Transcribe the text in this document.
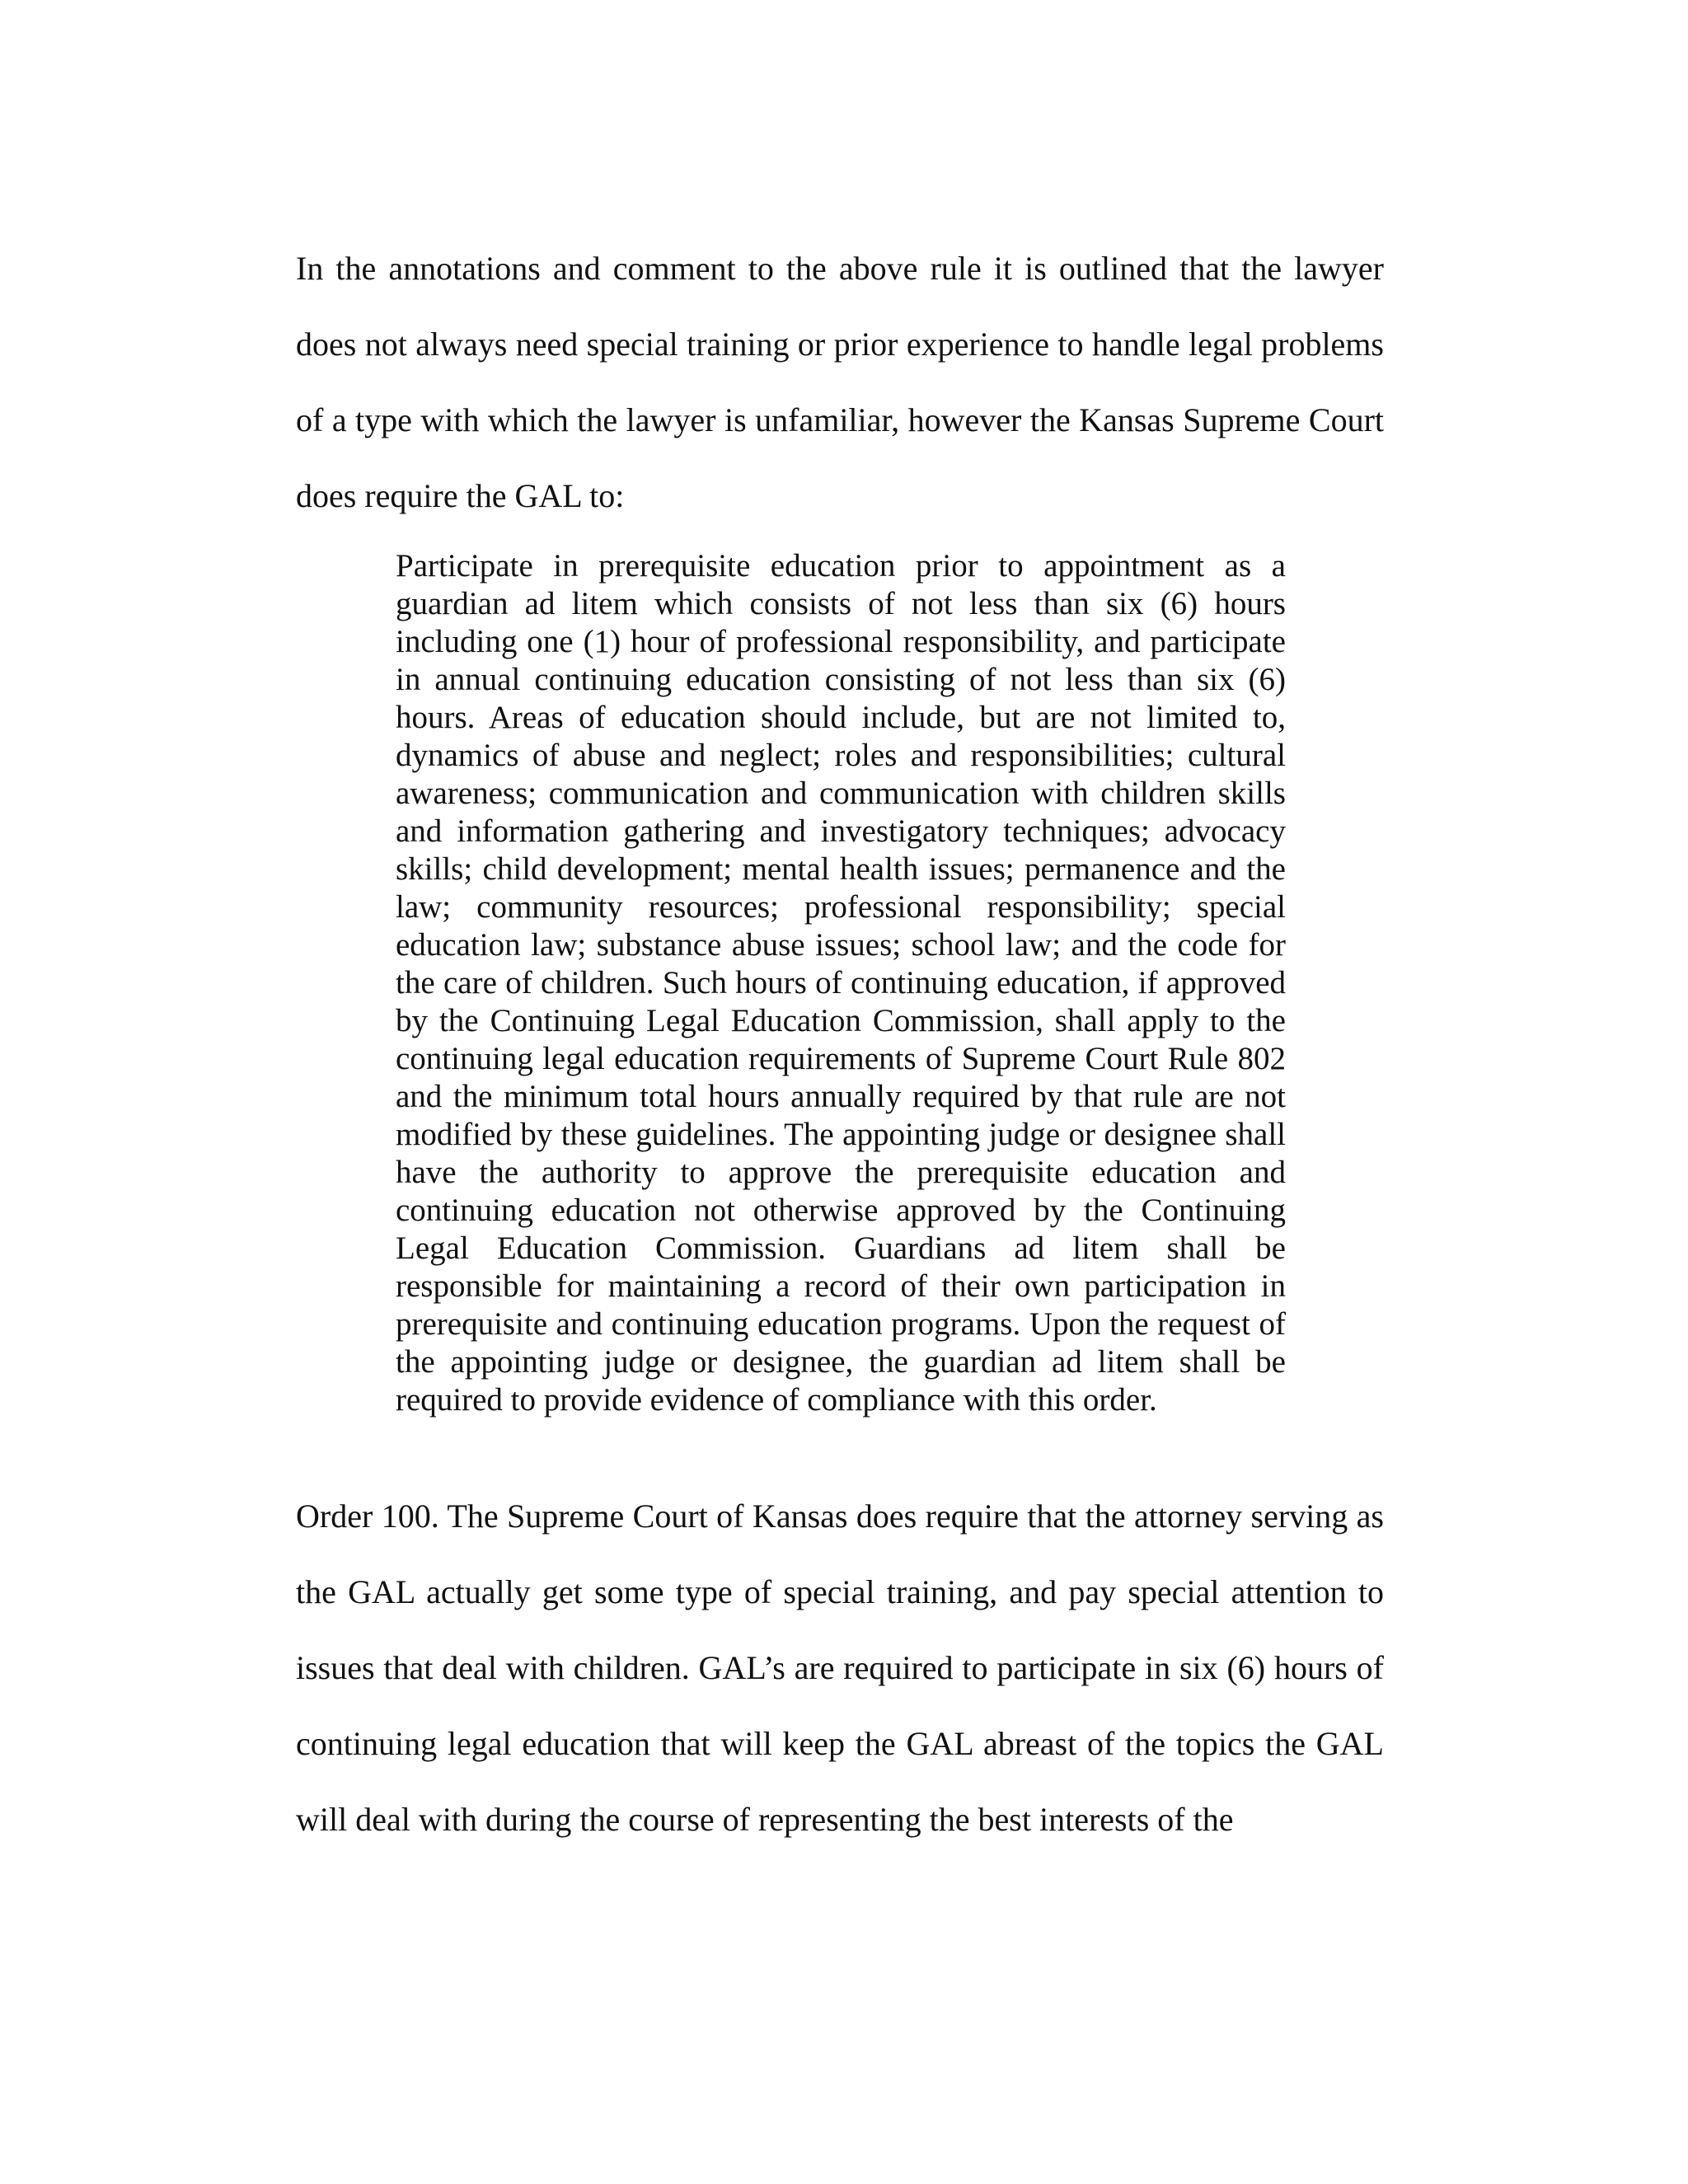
In the annotations and comment to the above rule it is outlined that the lawyer does not always need special training or prior experience to handle legal problems of a type with which the lawyer is unfamiliar, however the Kansas Supreme Court does require the GAL to:

Participate in prerequisite education prior to appointment as a guardian ad litem which consists of not less than six (6) hours including one (1) hour of professional responsibility, and participate in annual continuing education consisting of not less than six (6) hours. Areas of education should include, but are not limited to, dynamics of abuse and neglect; roles and responsibilities; cultural awareness; communication and communication with children skills and information gathering and investigatory techniques; advocacy skills; child development; mental health issues; permanence and the law; community resources; professional responsibility; special education law; substance abuse issues; school law; and the code for the care of children. Such hours of continuing education, if approved by the Continuing Legal Education Commission, shall apply to the continuing legal education requirements of Supreme Court Rule 802 and the minimum total hours annually required by that rule are not modified by these guidelines. The appointing judge or designee shall have the authority to approve the prerequisite education and continuing education not otherwise approved by the Continuing Legal Education Commission. Guardians ad litem shall be responsible for maintaining a record of their own participation in prerequisite and continuing education programs. Upon the request of the appointing judge or designee, the guardian ad litem shall be required to provide evidence of compliance with this order.

Order 100. The Supreme Court of Kansas does require that the attorney serving as the GAL actually get some type of special training, and pay special attention to issues that deal with children. GAL’s are required to participate in six (6) hours of continuing legal education that will keep the GAL abreast of the topics the GAL will deal with during the course of representing the best interests of the
